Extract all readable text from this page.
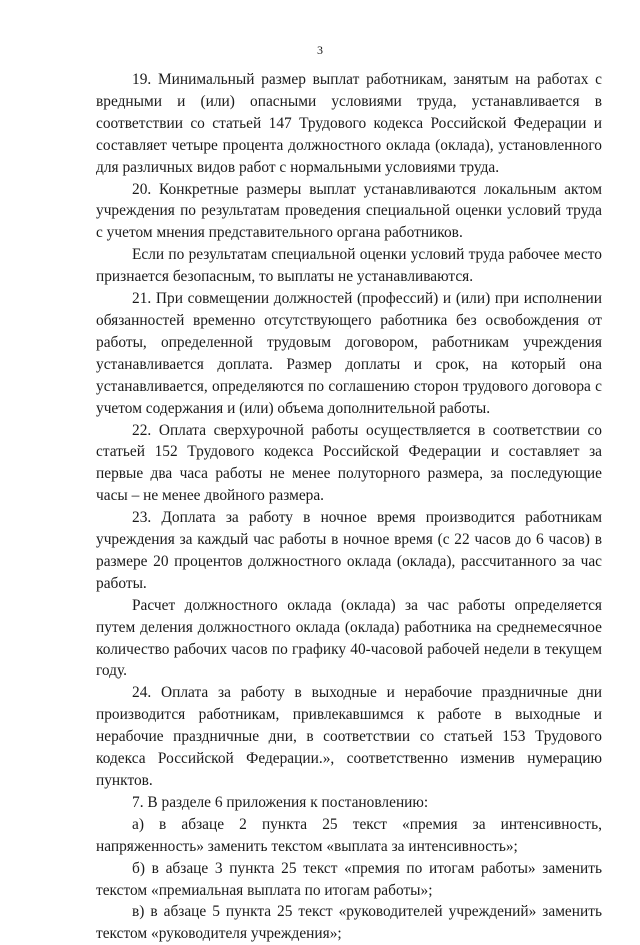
3

19. Минимальный размер выплат работникам, занятым на работах с вредными и (или) опасными условиями труда, устанавливается в соответствии со статьей 147 Трудового кодекса Российской Федерации и составляет четыре процента должностного оклада (оклада), установленного для различных видов работ с нормальными условиями труда.

20. Конкретные размеры выплат устанавливаются локальным актом учреждения по результатам проведения специальной оценки условий труда с учетом мнения представительного органа работников.

Если по результатам специальной оценки условий труда рабочее место признается безопасным, то выплаты не устанавливаются.

21. При совмещении должностей (профессий) и (или) при исполнении обязанностей временно отсутствующего работника без освобождения от работы, определенной трудовым договором, работникам учреждения устанавливается доплата. Размер доплаты и срок, на который она устанавливается, определяются по соглашению сторон трудового договора с учетом содержания и (или) объема дополнительной работы.

22. Оплата сверхурочной работы осуществляется в соответствии со статьей 152 Трудового кодекса Российской Федерации и составляет за первые два часа работы не менее полуторного размера, за последующие часы – не менее двойного размера.

23. Доплата за работу в ночное время производится работникам учреждения за каждый час работы в ночное время (с 22 часов до 6 часов) в размере 20 процентов должностного оклада (оклада), рассчитанного за час работы.

Расчет должностного оклада (оклада) за час работы определяется путем деления должностного оклада (оклада) работника на среднемесячное количество рабочих часов по графику 40-часовой рабочей недели в текущем году.

24. Оплата за работу в выходные и нерабочие праздничные дни производится работникам, привлекавшимся к работе в выходные и нерабочие праздничные дни, в соответствии со статьей 153 Трудового кодекса Российской Федерации.», соответственно изменив нумерацию пунктов.

7. В разделе 6 приложения к постановлению:

а) в абзаце 2 пункта 25 текст «премия за интенсивность, напряженность» заменить текстом «выплата за интенсивность»;

б) в абзаце 3 пункта 25 текст «премия по итогам работы» заменить текстом «премиальная выплата по итогам работы»;

в) в абзаце 5 пункта 25 текст «руководителей учреждений» заменить текстом «руководителя учреждения»;
